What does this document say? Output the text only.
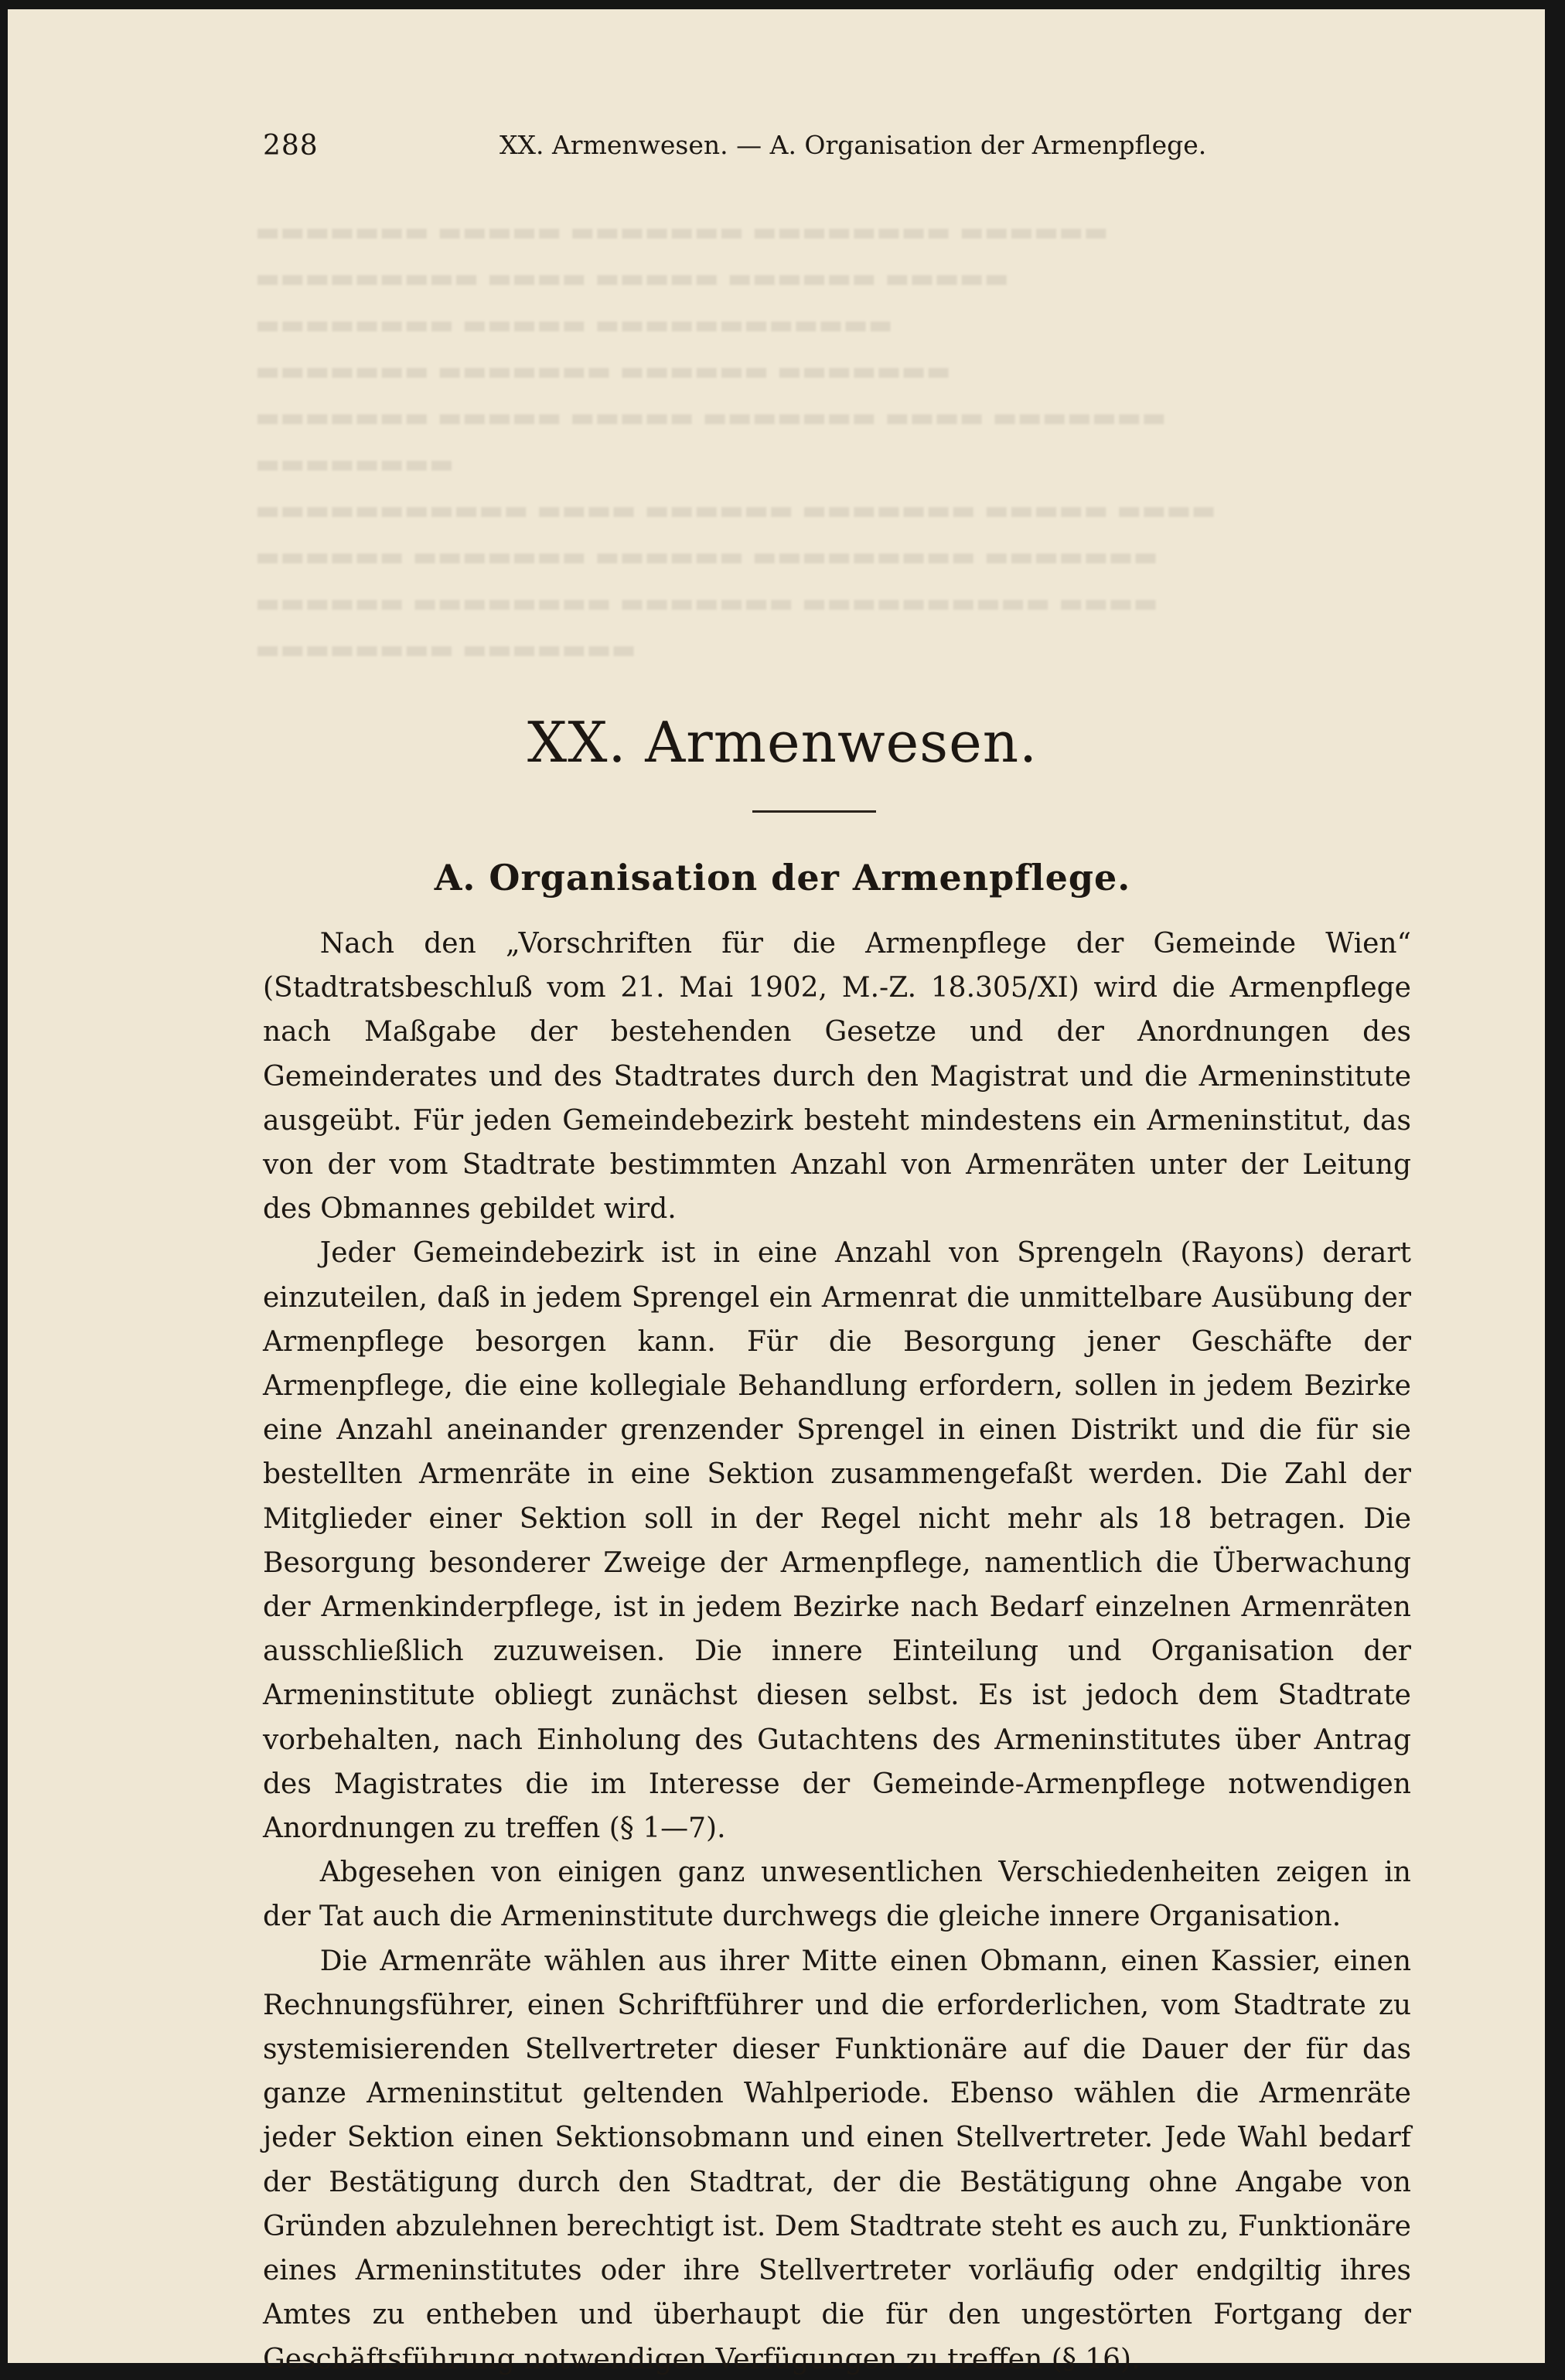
▬▬▬▬▬▬▬ ▬▬▬▬▬ ▬▬▬▬▬▬▬ ▬▬▬▬▬▬▬▬ ▬▬▬▬▬▬
▬▬▬▬▬▬▬▬▬ ▬▬▬▬ ▬▬▬▬▬ ▬▬▬▬▬▬ ▬▬▬▬▬
▬▬▬▬▬▬▬▬ ▬▬▬▬▬ ▬▬▬▬▬▬▬▬▬▬▬▬
▬▬▬▬▬▬▬ ▬▬▬▬▬▬▬ ▬▬▬▬▬▬ ▬▬▬▬▬▬▬
▬▬▬▬▬▬▬ ▬▬▬▬▬ ▬▬▬▬▬ ▬▬▬▬▬▬▬ ▬▬▬▬ ▬▬▬▬▬▬▬
▬▬▬▬▬▬▬▬
▬▬▬▬▬▬▬▬▬▬▬ ▬▬▬▬ ▬▬▬▬▬▬ ▬▬▬▬▬▬▬ ▬▬▬▬▬ ▬▬▬▬
▬▬▬▬▬▬ ▬▬▬▬▬▬▬ ▬▬▬▬▬▬ ▬▬▬▬▬▬▬▬▬ ▬▬▬▬▬▬▬
▬▬▬▬▬▬ ▬▬▬▬▬▬▬▬ ▬▬▬▬▬▬▬ ▬▬▬▬▬▬▬▬▬▬ ▬▬▬▬
▬▬▬▬▬▬▬▬ ▬▬▬▬▬▬▬
288	XX. Armenwesen. — A. Organisation der Armenpflege.
XX. Armenwesen.
A. Organisation der Armenpflege.

Nach den „Vorschriften für die Armenpflege der Gemeinde Wien“ (Stadtratsbeschluß vom 21. Mai 1902, M.-Z. 18.305/XI) wird die Armenpflege nach Maßgabe der bestehenden Gesetze und der Anordnungen des Gemeinderates und des Stadtrates durch den Magistrat und die Armeninstitute ausgeübt. Für jeden Gemeindebezirk besteht mindestens ein Armeninstitut, das von der vom Stadtrate bestimmten Anzahl von Armenräten unter der Leitung des Obmannes gebildet wird.

Jeder Gemeindebezirk ist in eine Anzahl von Sprengeln (Rayons) derart einzuteilen, daß in jedem Sprengel ein Armenrat die unmittelbare Ausübung der Armenpflege besorgen kann. Für die Besorgung jener Geschäfte der Armenpflege, die eine kollegiale Behandlung erfordern, sollen in jedem Bezirke eine Anzahl aneinander grenzender Sprengel in einen Distrikt und die für sie bestellten Armenräte in eine Sektion zusammengefaßt werden. Die Zahl der Mitglieder einer Sektion soll in der Regel nicht mehr als 18 betragen. Die Besorgung besonderer Zweige der Armenpflege, namentlich die Überwachung der Armenkinderpflege, ist in jedem Bezirke nach Bedarf einzelnen Armenräten ausschließlich zuzuweisen. Die innere Einteilung und Organisation der Armeninstitute obliegt zunächst diesen selbst. Es ist jedoch dem Stadtrate vorbehalten, nach Einholung des Gutachtens des Armeninstitutes über Antrag des Magistrates die im Interesse der Gemeinde-Armenpflege notwendigen Anordnungen zu treffen (§ 1—7).

Abgesehen von einigen ganz unwesentlichen Verschiedenheiten zeigen in der Tat auch die Armeninstitute durchwegs die gleiche innere Organisation.

Die Armenräte wählen aus ihrer Mitte einen Obmann, einen Kassier, einen Rechnungsführer, einen Schriftführer und die erforderlichen, vom Stadtrate zu systemisierenden Stellvertreter dieser Funktionäre auf die Dauer der für das ganze Armeninstitut geltenden Wahlperiode. Ebenso wählen die Armenräte jeder Sektion einen Sektionsobmann und einen Stellvertreter. Jede Wahl bedarf der Bestätigung durch den Stadtrat, der die Bestätigung ohne Angabe von Gründen abzulehnen berechtigt ist. Dem Stadtrate steht es auch zu, Funktionäre eines Armeninstitutes oder ihre Stellvertreter vorläufig oder endgiltig ihres Amtes zu entheben und überhaupt die für den ungestörten Fortgang der Geschäftsführung notwendigen Verfügungen zu treffen (§ 16).
